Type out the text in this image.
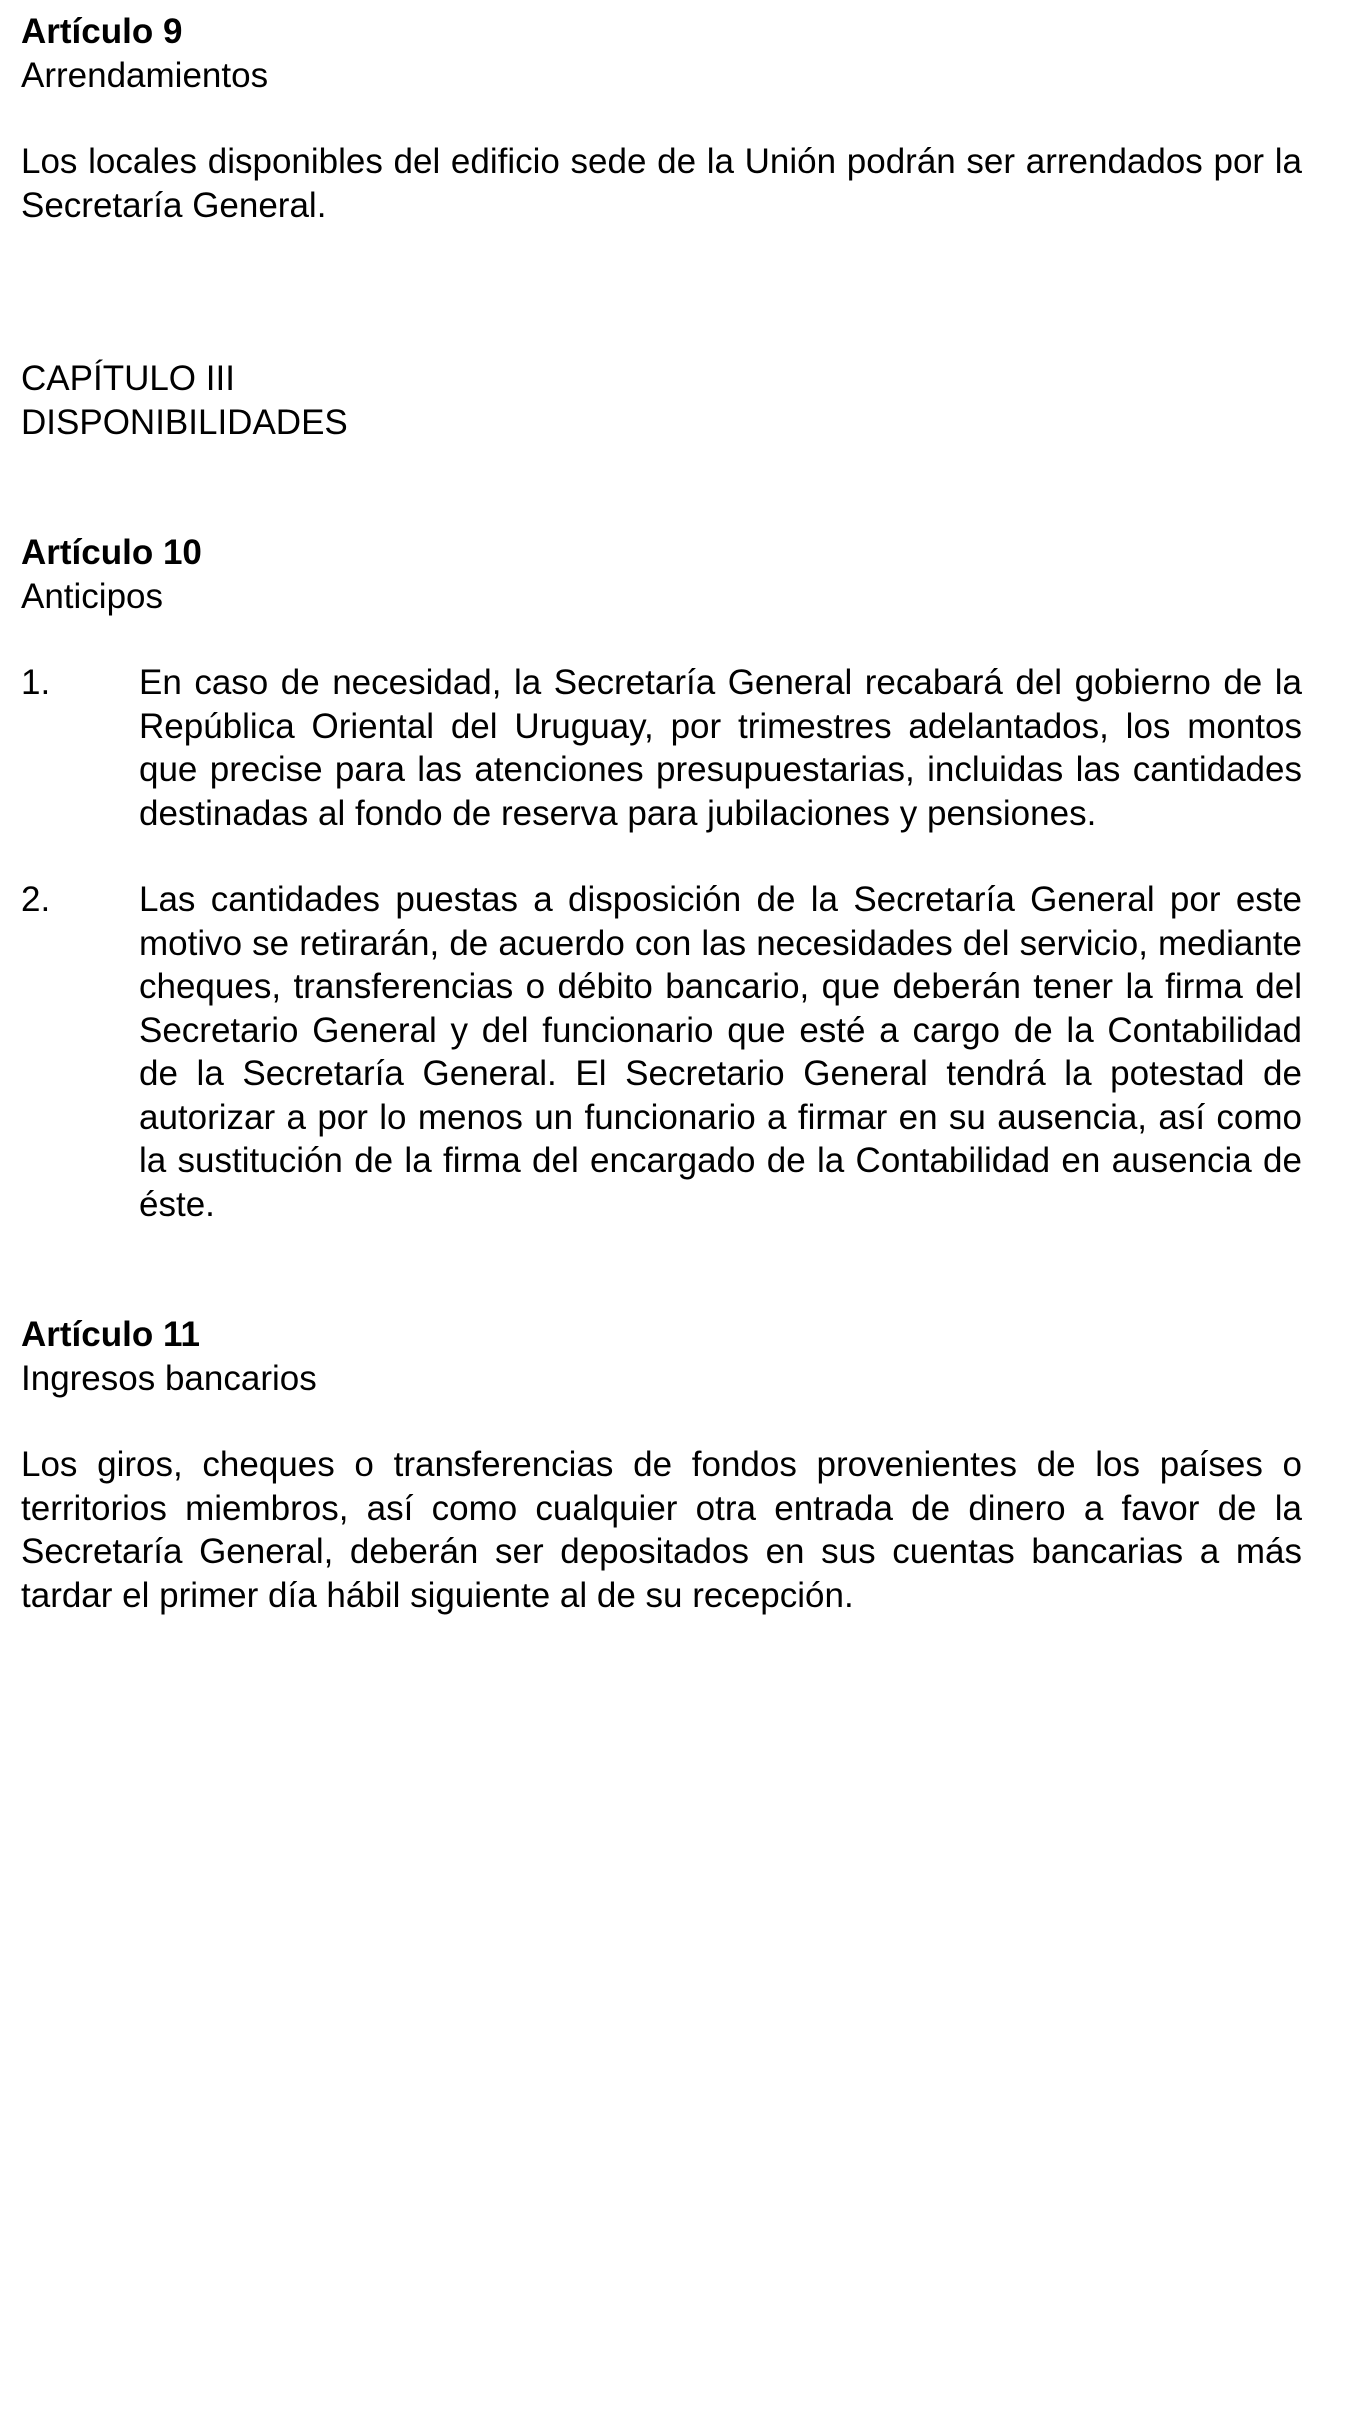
Artículo 9

Arrendamientos

Los locales disponibles del edificio sede de la Unión podrán ser arrendados por la Secretaría General.

CAPÍTULO III

DISPONIBILIDADES

Artículo 10

Anticipos

1.	En caso de necesidad, la Secretaría General recabará del gobierno de la República Oriental del Uruguay, por trimestres adelantados, los montos que precise para las atenciones presupuestarias, incluidas las cantidades destinadas al fondo de reserva para jubilaciones y pensiones.
2.	Las cantidades puestas a disposición de la Secretaría General por este motivo se retirarán, de acuerdo con las necesidades del servicio, mediante cheques, transferencias o débito bancario, que deberán tener la firma del Secretario General y del funcionario que esté a cargo de la Contabilidad de la Secretaría General. El Secretario General tendrá la potestad de autorizar a por lo menos un funcionario a firmar en su ausencia, así como la sustitución de la firma del encargado de la Contabilidad en ausencia de éste.

Artículo 11

Ingresos bancarios

Los giros, cheques o transferencias de fondos provenientes de los países o territorios miembros, así como cualquier otra entrada de dinero a favor de la Secretaría General, deberán ser depositados en sus cuentas bancarias a más tardar el primer día hábil siguiente al de su recepción.
